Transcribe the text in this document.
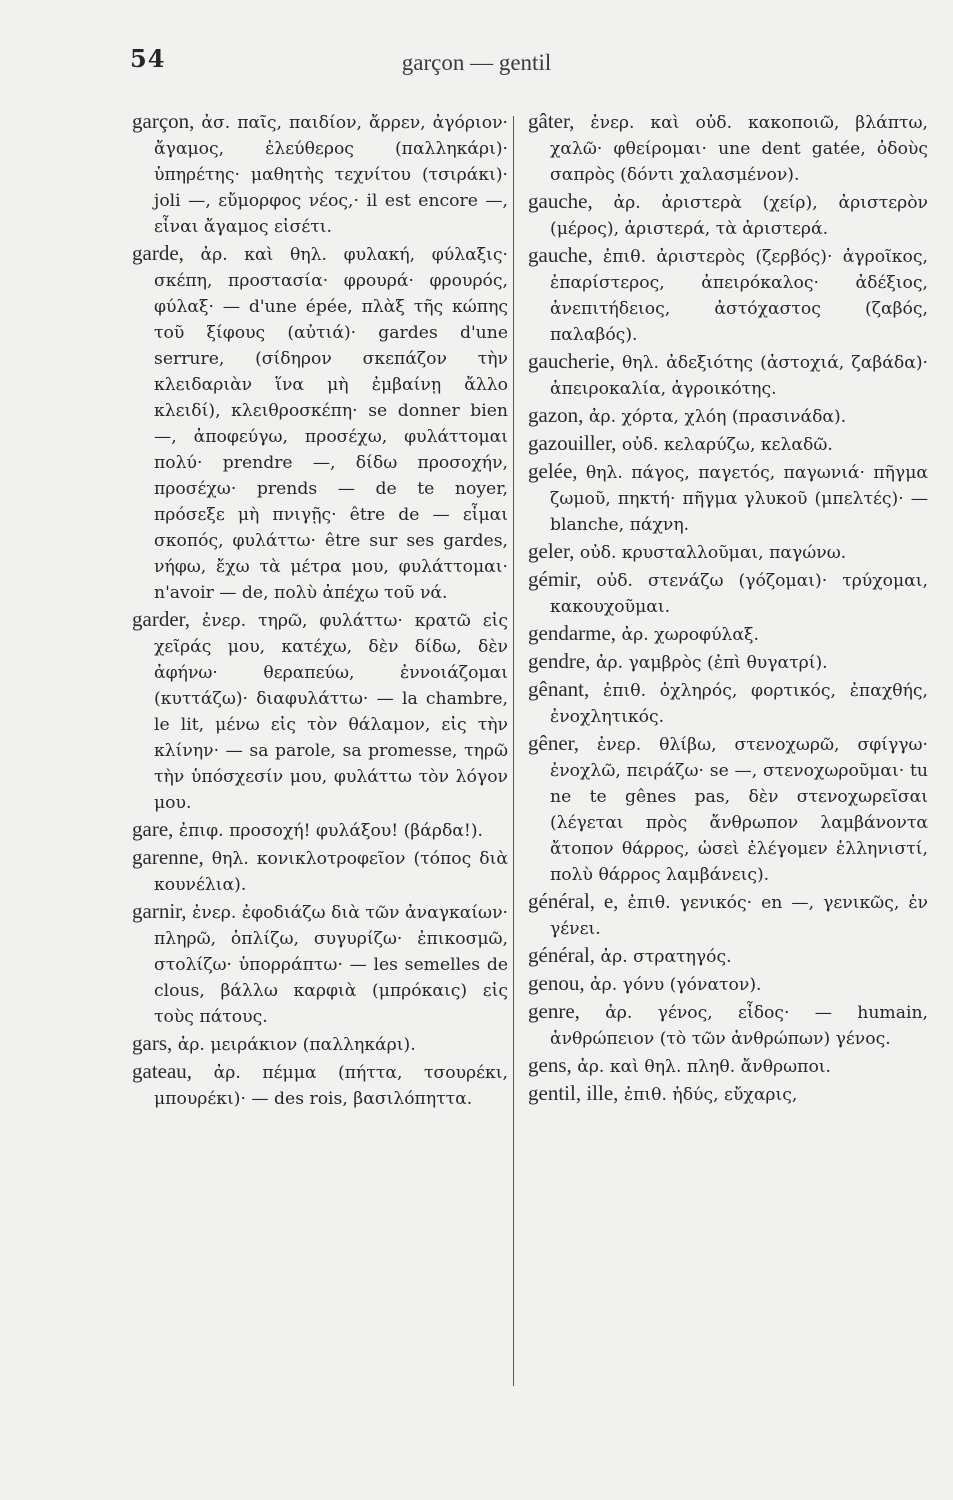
54	garçon — gentil

garçon, ἀσ. παῖς, παιδίον, ἄρρεν, ἀγόριον· ἄγαμος, ἐλεύθερος (παλληκάρι)· ὑπηρέτης· μαθητὴς τεχνίτου (τσιράκι)· joli —, εὔμορφος νέος,· il est encore —, εἶναι ἄγαμος εἰσέτι.

garde, ἀρ. καὶ θηλ. φυλακή, φύλαξις· σκέπη, προστασία· φρουρά· φρουρός, φύλαξ· — d'une épée, πλὰξ τῆς κώπης τοῦ ξίφους (αὐτιά)· gardes d'une serrure, (σίδηρον σκεπάζον τὴν κλειδαριὰν ἵνα μὴ ἐμβαίνῃ ἄλλο κλειδί), κλειθροσκέπη· se donner bien —, ἀποφεύγω, προσέχω, φυλάττομαι πολύ· prendre —, δίδω προσοχήν, προσέχω· prends — de te noyer, πρόσεξε μὴ πνιγῇς· être de — εἶμαι σκοπός, φυλάττω· être sur ses gardes, νήφω, ἔχω τὰ μέτρα μου, φυλάττομαι· n'avoir — de, πολὺ ἀπέχω τοῦ νά.

garder, ἐνερ. τηρῶ, φυλάττω· κρατῶ εἰς χεῖράς μου, κατέχω, δὲν δίδω, δὲν ἀφήνω· θεραπεύω, ἐννοιάζομαι (κυττάζω)· διαφυλάττω· — la chambre, le lit, μένω εἰς τὸν θάλαμον, εἰς τὴν κλίνην· — sa parole, sa promesse, τηρῶ τὴν ὑπόσχεσίν μου, φυλάττω τὸν λόγον μου.

gare, ἐπιφ. προσοχή! φυλάξου! (βάρδα!).

garenne, θηλ. κονικλοτροφεῖον (τόπος διὰ κουνέλια).

garnir, ἐνερ. ἐφοδιάζω διὰ τῶν ἀναγκαίων· πληρῶ, ὁπλίζω, συγυρίζω· ἐπικοσμῶ, στολίζω· ὑπορράπτω· — les semelles de clous, βάλλω καρφιὰ (μπρόκαις) εἰς τοὺς πάτους.

gars, ἀρ. μειράκιον (παλληκάρι).

gateau, ἀρ. πέμμα (πήττα, τσουρέκι, μπουρέκι)· — des rois, βασιλόπηττα.

gâter, ἐνερ. καὶ οὐδ. κακοποιῶ, βλάπτω, χαλῶ· φθείρομαι· une dent gatée, ὀδοὺς σαπρὸς (δόντι χαλασμένον).

gauche, ἀρ. ἀριστερὰ (χείρ), ἀριστερὸν (μέρος), ἀριστερά, τὰ ἀριστερά.

gauche, ἐπιθ. ἀριστερὸς (ζερβός)· ἀγροῖκος, ἐπαρίστερος, ἀπειρόκαλος· ἀδέξιος, ἀνεπιτήδειος, ἀστόχαστος (ζαβός, παλαβός).

gaucherie, θηλ. ἀδεξιότης (ἀστοχιά, ζαβάδα)· ἀπειροκαλία, ἀγροικότης.

gazon, ἀρ. χόρτα, χλόη (πρασινάδα).

gazouiller, οὐδ. κελαρύζω, κελαδῶ.

gelée, θηλ. πάγος, παγετός, παγωνιά· πῆγμα ζωμοῦ, πηκτή· πῆγμα γλυκοῦ (μπελτές)· — blanche, πάχνη.

geler, οὐδ. κρυσταλλοῦμαι, παγώνω.

gémir, οὐδ. στενάζω (γόζομαι)· τρύχομαι, κακουχοῦμαι.

gendarme, ἀρ. χωροφύλαξ.

gendre, ἀρ. γαμβρὸς (ἐπὶ θυγατρί).

gênant, ἐπιθ. ὀχληρός, φορτικός, ἐπαχθής, ἐνοχλητικός.

gêner, ἐνερ. θλίβω, στενοχωρῶ, σφίγγω· ἐνοχλῶ, πειράζω· se —, στενοχωροῦμαι· tu ne te gênes pas, δὲν στενοχωρεῖσαι (λέγεται πρὸς ἄνθρωπον λαμβάνοντα ἄτοπον θάρρος, ὡσεὶ ἐλέγομεν ἑλληνιστί, πολὺ θάρρος λαμβάνεις).

général, e, ἐπιθ. γενικός· en —, γενικῶς, ἐν γένει.

général, ἀρ. στρατηγός.

genou, ἀρ. γόνυ (γόνατον).

genre, ἀρ. γένος, εἶδος· — humain, ἀνθρώπειον (τὸ τῶν ἀνθρώπων) γένος.

gens, ἀρ. καὶ θηλ. πληθ. ἄνθρωποι.

gentil, ille, ἐπιθ. ἡδύς, εὔχαρις,
